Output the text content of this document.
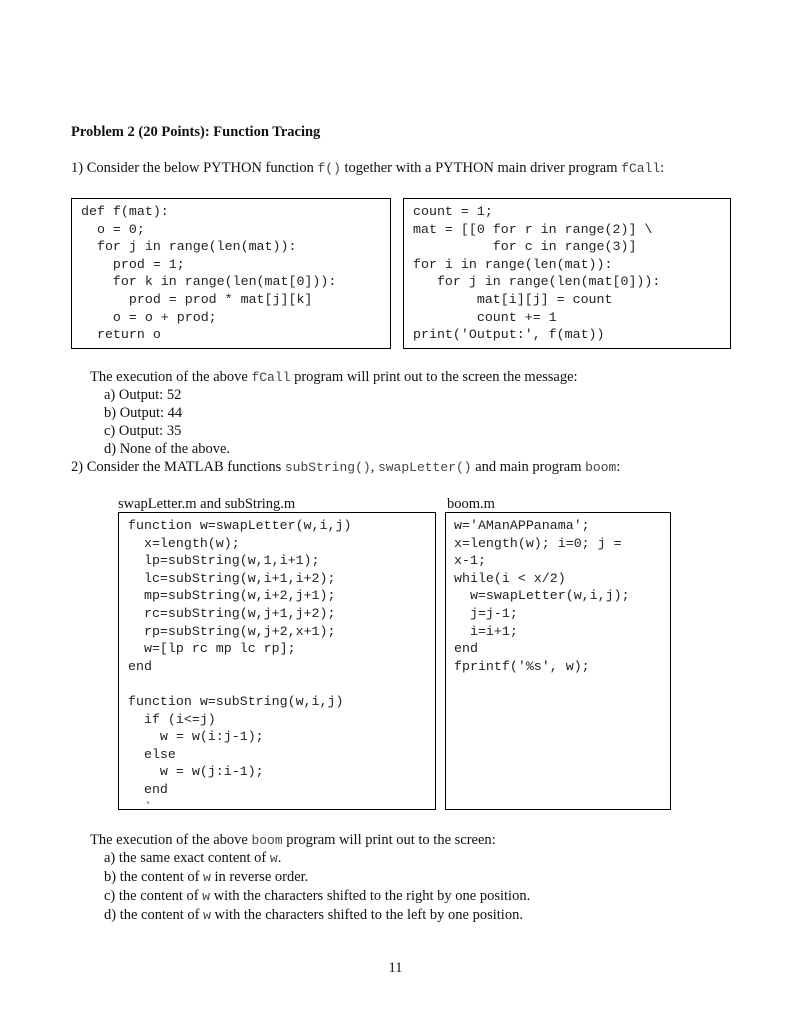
Problem 2 (20 Points): Function Tracing
1) Consider the below PYTHON function f() together with a PYTHON main driver program fCall:
def f(mat):
o = 0;
for j in range(len(mat)):
prod = 1;
for k in range(len(mat[0])):
prod = prod * mat[j][k]
o = o + prod;
return o
count = 1;
mat = [[0 for r in range(2)] \
for c in range(3)]
for i in range(len(mat)):
for j in range(len(mat[0])):
mat[i][j] = count
count += 1
print('Output:', f(mat))
The execution of the above fCall program will print out to the screen the message:
a) Output: 52
b) Output: 44
c) Output: 35
d) None of the above.
2) Consider the MATLAB functions subString(), swapLetter() and main program boom:
swapLetter.m and subString.m	boom.m
function w=swapLetter(w,i,j)
x=length(w);
lp=subString(w,1,i+1);
lc=subString(w,i+1,i+2);
mp=subString(w,i+2,j+1);
rc=subString(w,j+1,j+2);
rp=subString(w,j+2,x+1);
w=[lp rc mp lc rp];
end

function w=subString(w,i,j)
if (i<=j)
w = w(i:j-1);
else
w = w(j:i-1);
end
`
w='AManAPPanama';
x=length(w); i=0; j =
x-1;
while(i < x/2)
w=swapLetter(w,i,j);
j=j-1;
i=i+1;
end
fprintf('%s', w);
The execution of the above boom program will print out to the screen:
a) the same exact content of w.
b) the content of w in reverse order.
c) the content of w with the characters shifted to the right by one position.
d) the content of w with the characters shifted to the left by one position.
11
